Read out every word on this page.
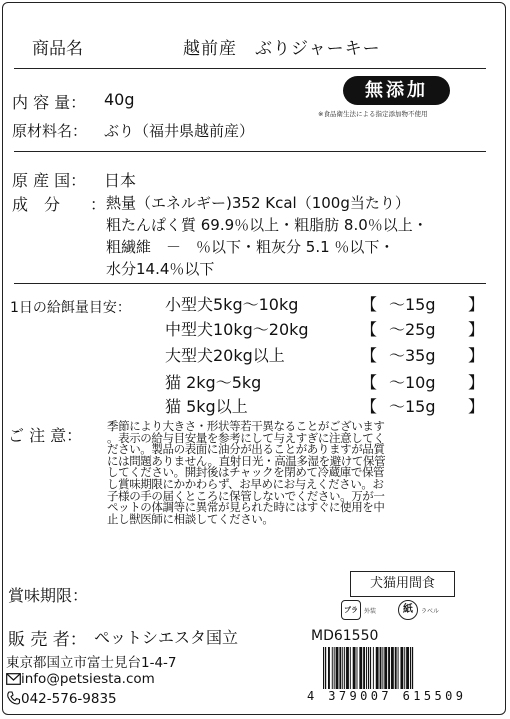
商品名	越前産　ぶりジャーキー
無添加
※食品衛生法による指定添加物不使用
内 容 量： 40g
原材料名： ぶり（福井県越前産）
原 産 国： 日本
成　分 ： 熱量（エネルギー)352 Kcal（100g当たり）
粗たんぱく質 69.9％以上・粗脂肪 8.0％以上・
粗繊維　－　％以下・粗灰分 5.1 ％以下・
水分14.4％以下
1日の給餌量目安： 小型犬5kg～10kg	【 ～15g 】
中型犬10kg～20kg	【 ～25g 】
大型犬20kg以上	【 ～35g 】
猫 2kg～5kg	【 ～10g 】
猫 5kg以上	【 ～15g 】
ご 注 意： 季節により大きさ・形状等若干異なることがございます
。表示の給与目安量を参考にして与えすぎに注意してく
ださい。製品の表面に油分が出ることがありますが品質
には問題ありません。直射日光・高温多湿を避けて保管
してください。開封後はチャックを閉めて冷蔵庫で保管
し賞味期限にかかわらず、お早めにお与えください。お
子様の手の届くところに保管しないでください。万が一
ペットの体調等に異常が見られた時にはすぐに使用を中
止し獣医師に相談してください。
賞味期限：
犬猫用間食
プラ	外装	紙	ラベル
販 売 者： ペットシエスタ国立
東京都国立市富士見台1-4-7
info@petsiesta.com
042-576-9835
MD61550
4 379007 615509
